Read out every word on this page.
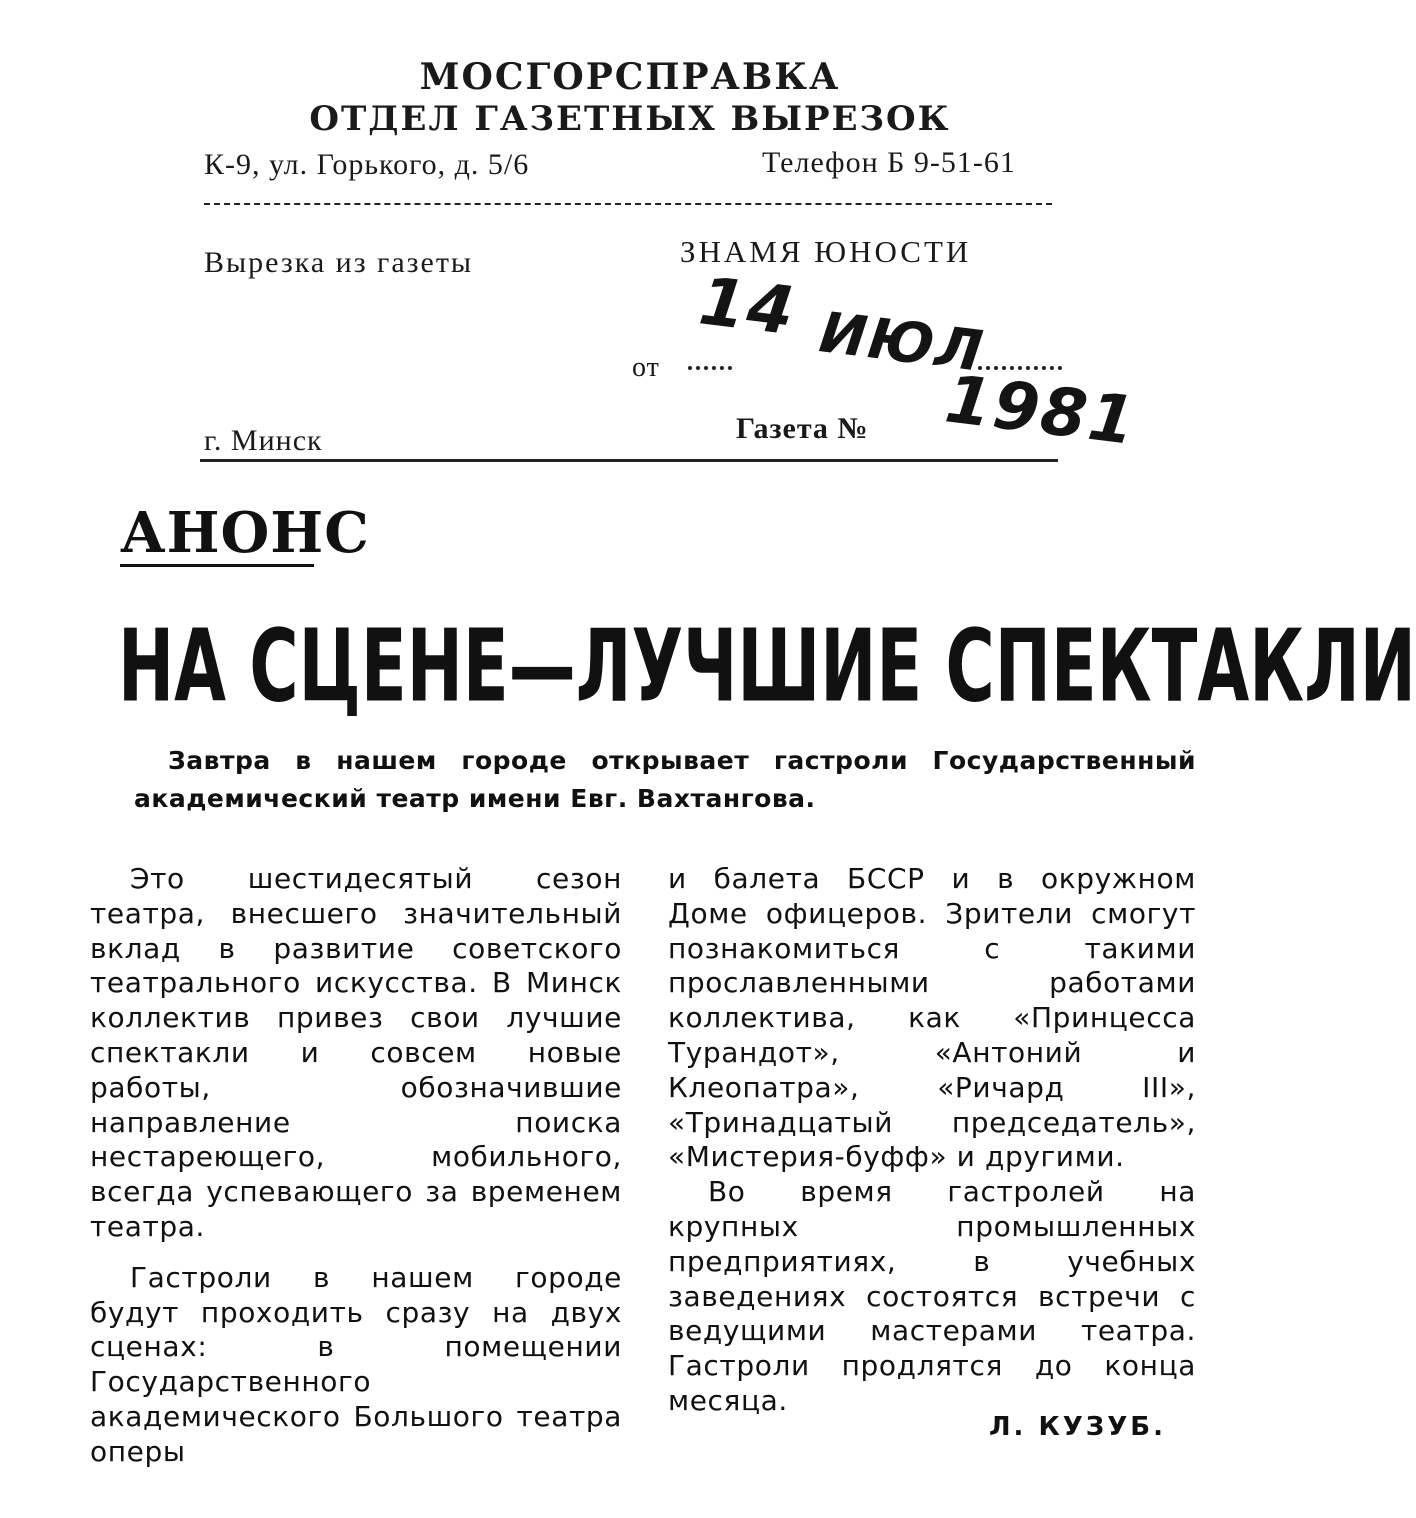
МОСГОРСПРАВКА
ОТДЕЛ ГАЗЕТНЫХ ВЫРЕЗОК
К-9, ул. Горького, д. 5/6	Телефон Б 9-51-61
Вырезка из газеты	ЗНАМЯ ЮНОСТИ
от
14 ИЮЛ
1981
г. Минск	Газета №
АНОНС
НА СЦЕНЕ—ЛУЧШИЕ СПЕКТАКЛИ
Завтра в нашем городе открывает гастроли Государственный академический театр имени Евг. Вахтангова.

Это шестидесятый сезон театра, внесшего значительный вклад в развитие советского театрального искусства. В Минск коллектив привез свои лучшие спектакли и совсем новые работы, обозначившие направление поиска нестареющего, мобильного, всегда успевающего за временем театра.

Гастроли в нашем городе будут проходить сразу на двух сценах: в помещении Государственного академического Большого театра оперы

и балета БССР и в окружном Доме офицеров. Зрители смогут познакомиться с такими прославленными работами коллектива, как «Принцесса Турандот», «Антоний и Клеопатра», «Ричард III», «Тринадцатый председатель», «Мистерия-буфф» и другими.

Во время гастролей на крупных промышленных предприятиях, в учебных заведениях состоятся встречи с ведущими мастерами театра. Гастроли продлятся до конца месяца.

Л. КУЗУБ.
